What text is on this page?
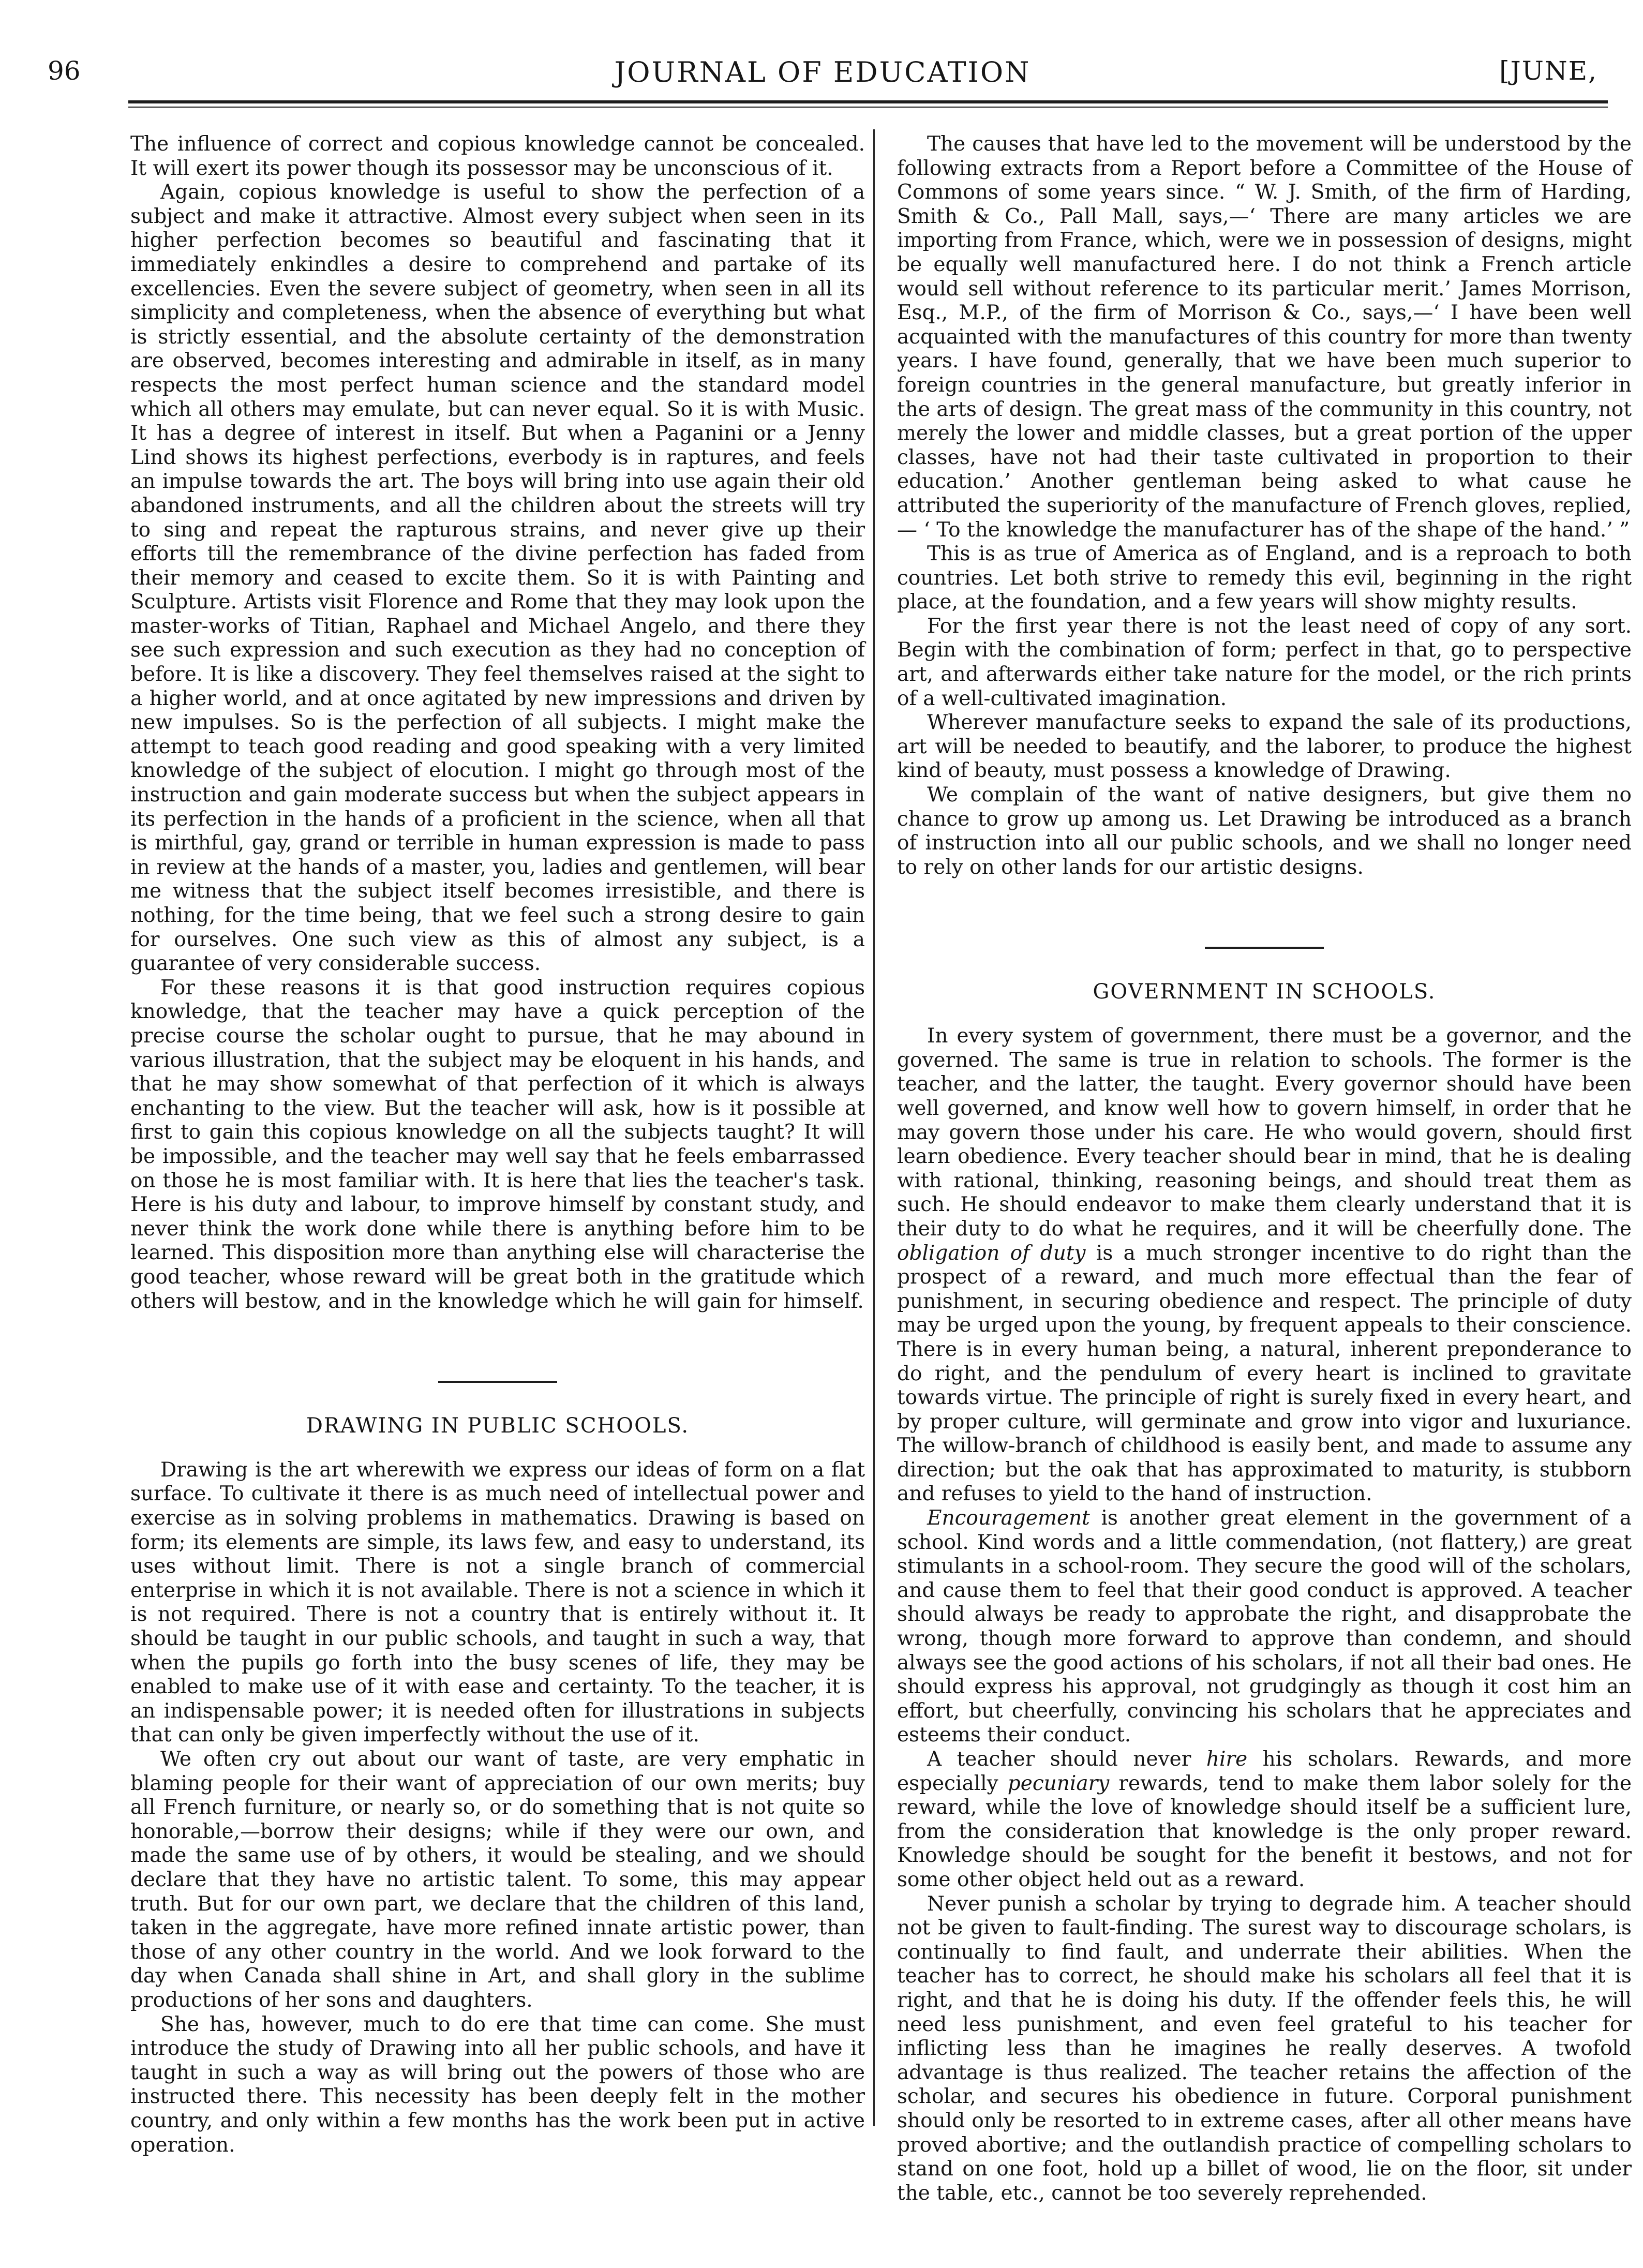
96	JOURNAL OF EDUCATION	[JUNE,

The influence of correct and copious knowledge cannot be concealed. It will exert its power though its possessor may be unconscious of it.

Again, copious knowledge is useful to show the perfection of a subject and make it attractive. Almost every subject when seen in its higher perfection becomes so beautiful and fascinating that it immediately enkindles a desire to comprehend and partake of its excellencies. Even the severe subject of geometry, when seen in all its simplicity and completeness, when the absence of everything but what is strictly essential, and the absolute certainty of the demonstration are observed, becomes interesting and admirable in itself, as in many respects the most perfect human science and the standard model which all others may emulate, but can never equal. So it is with Music. It has a degree of interest in itself. But when a Paganini or a Jenny Lind shows its highest perfections, everbody is in raptures, and feels an impulse towards the art. The boys will bring into use again their old abandoned instruments, and all the children about the streets will try to sing and repeat the rapturous strains, and never give up their efforts till the remembrance of the divine perfection has faded from their memory and ceased to excite them. So it is with Painting and Sculpture. Artists visit Florence and Rome that they may look upon the master-works of Titian, Raphael and Michael Angelo, and there they see such expression and such execution as they had no conception of before. It is like a discovery. They feel themselves raised at the sight to a higher world, and at once agitated by new impressions and driven by new impulses. So is the perfection of all subjects. I might make the attempt to teach good reading and good speaking with a very limited knowledge of the subject of elocution. I might go through most of the instruction and gain moderate success but when the subject appears in its perfection in the hands of a proficient in the science, when all that is mirthful, gay, grand or terrible in human expression is made to pass in review at the hands of a master, you, ladies and gentlemen, will bear me witness that the subject itself becomes irresistible, and there is nothing, for the time being, that we feel such a strong desire to gain for ourselves. One such view as this of almost any subject, is a guarantee of very considerable success.

For these reasons it is that good instruction requires copious knowledge, that the teacher may have a quick perception of the precise course the scholar ought to pursue, that he may abound in various illustration, that the subject may be eloquent in his hands, and that he may show somewhat of that perfection of it which is always enchanting to the view. But the teacher will ask, how is it possible at first to gain this copious knowledge on all the subjects taught? It will be impossible, and the teacher may well say that he feels embarrassed on those he is most familiar with. It is here that lies the teacher's task. Here is his duty and labour, to improve himself by constant study, and never think the work done while there is anything before him to be learned. This disposition more than anything else will characterise the good teacher, whose reward will be great both in the gratitude which others will bestow, and in the knowledge which he will gain for himself.

DRAWING IN PUBLIC SCHOOLS.

Drawing is the art wherewith we express our ideas of form on a flat surface. To cultivate it there is as much need of intellectual power and exercise as in solving problems in mathematics. Drawing is based on form; its elements are simple, its laws few, and easy to understand, its uses without limit. There is not a single branch of commercial enterprise in which it is not available. There is not a science in which it is not required. There is not a country that is entirely without it. It should be taught in our public schools, and taught in such a way, that when the pupils go forth into the busy scenes of life, they may be enabled to make use of it with ease and certainty. To the teacher, it is an indispensable power; it is needed often for illustrations in subjects that can only be given imperfectly without the use of it.

We often cry out about our want of taste, are very emphatic in blaming people for their want of appreciation of our own merits; buy all French furniture, or nearly so, or do something that is not quite so honorable,—borrow their designs; while if they were our own, and made the same use of by others, it would be stealing, and we should declare that they have no artistic talent. To some, this may appear truth. But for our own part, we declare that the children of this land, taken in the aggregate, have more refined innate artistic power, than those of any other country in the world. And we look forward to the day when Canada shall shine in Art, and shall glory in the sublime productions of her sons and daughters.

She has, however, much to do ere that time can come. She must introduce the study of Drawing into all her public schools, and have it taught in such a way as will bring out the powers of those who are instructed there. This necessity has been deeply felt in the mother country, and only within a few months has the work been put in active operation.

The causes that have led to the movement will be understood by the following extracts from a Report before a Committee of the House of Commons of some years since. “ W. J. Smith, of the firm of Harding, Smith & Co., Pall Mall, says,—‘ There are many articles we are importing from France, which, were we in possession of designs, might be equally well manufactured here. I do not think a French article would sell without reference to its particular merit.’ James Morrison, Esq., M.P., of the firm of Morrison & Co., says,—‘ I have been well acquainted with the manufactures of this country for more than twenty years. I have found, generally, that we have been much superior to foreign countries in the general manufacture, but greatly inferior in the arts of design. The great mass of the community in this country, not merely the lower and middle classes, but a great portion of the upper classes, have not had their taste cultivated in proportion to their education.’ Another gentleman being asked to what cause he attributed the superiority of the manufacture of French gloves, replied,— ‘ To the knowledge the manufacturer has of the shape of the hand.’ ”

This is as true of America as of England, and is a reproach to both countries. Let both strive to remedy this evil, beginning in the right place, at the foundation, and a few years will show mighty results.

For the first year there is not the least need of copy of any sort. Begin with the combination of form; perfect in that, go to perspective art, and afterwards either take nature for the model, or the rich prints of a well-cultivated imagination.

Wherever manufacture seeks to expand the sale of its productions, art will be needed to beautify, and the laborer, to produce the highest kind of beauty, must possess a knowledge of Drawing.

We complain of the want of native designers, but give them no chance to grow up among us. Let Drawing be introduced as a branch of instruction into all our public schools, and we shall no longer need to rely on other lands for our artistic designs.

GOVERNMENT IN SCHOOLS.

In every system of government, there must be a governor, and the governed. The same is true in relation to schools. The former is the teacher, and the latter, the taught. Every governor should have been well governed, and know well how to govern himself, in order that he may govern those under his care. He who would govern, should first learn obedience. Every teacher should bear in mind, that he is dealing with rational, thinking, reasoning beings, and should treat them as such. He should endeavor to make them clearly understand that it is their duty to do what he requires, and it will be cheerfully done. The obligation of duty is a much stronger incentive to do right than the prospect of a reward, and much more effectual than the fear of punishment, in securing obedience and respect. The principle of duty may be urged upon the young, by frequent appeals to their conscience. There is in every human being, a natural, inherent preponderance to do right, and the pendulum of every heart is inclined to gravitate towards virtue. The principle of right is surely fixed in every heart, and by proper culture, will germinate and grow into vigor and luxuriance. The willow-branch of childhood is easily bent, and made to assume any direction; but the oak that has approximated to maturity, is stubborn and refuses to yield to the hand of instruction.

Encouragement is another great element in the government of a school. Kind words and a little commendation, (not flattery,) are great stimulants in a school-room. They secure the good will of the scholars, and cause them to feel that their good conduct is approved. A teacher should always be ready to approbate the right, and disapprobate the wrong, though more forward to approve than condemn, and should always see the good actions of his scholars, if not all their bad ones. He should express his approval, not grudgingly as though it cost him an effort, but cheerfully, convincing his scholars that he appreciates and esteems their conduct.

A teacher should never hire his scholars. Rewards, and more especially pecuniary rewards, tend to make them labor solely for the reward, while the love of knowledge should itself be a sufficient lure, from the consideration that knowledge is the only proper reward. Knowledge should be sought for the benefit it bestows, and not for some other object held out as a reward.

Never punish a scholar by trying to degrade him. A teacher should not be given to fault-finding. The surest way to discourage scholars, is continually to find fault, and underrate their abilities. When the teacher has to correct, he should make his scholars all feel that it is right, and that he is doing his duty. If the offender feels this, he will need less punishment, and even feel grateful to his teacher for inflicting less than he imagines he really deserves. A twofold advantage is thus realized. The teacher retains the affection of the scholar, and secures his obedience in future. Corporal punishment should only be resorted to in extreme cases, after all other means have proved abortive; and the outlandish practice of compelling scholars to stand on one foot, hold up a billet of wood, lie on the floor, sit under the table, etc., cannot be too severely reprehended.
